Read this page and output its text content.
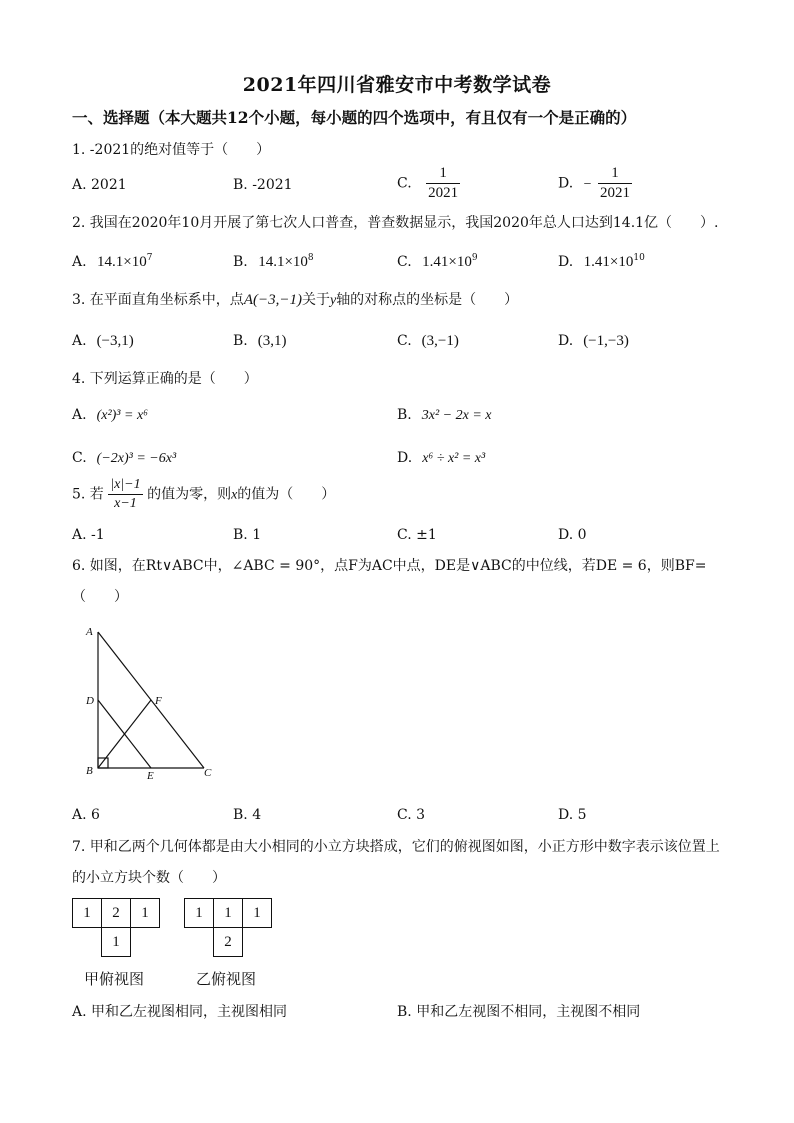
2021年四川省雅安市中考数学试卷
一、选择题（本大题共12个小题，每小题的四个选项中，有且仅有一个是正确的）
1. -2021的绝对值等于（　　）
A. 2021	B. -2021	C. $\frac{1}{2021}$	D. − $\frac{1}{2021}$
2. 我国在2020年10月开展了第七次人口普查，普查数据显示，我国2020年总人口达到14.1亿（　　）.
A. $14.1\times 10^7$	B. $14.1\times 10^8$	C. $1.41\times 10^9$	D. $1.41\times 10^{10}$
3. 在平面直角坐标系中，点A(−3,−1)关于y轴的对称点的坐标是（　　）
A. (−3,1)	B. (3,1)	C. (3,−1)	D. (−1,−3)
4. 下列运算正确的是（　　）
A. (x²)³ = x⁶	B. 3x² − 2x = x
C. (−2x)³ = −6x³	D. x⁶ ÷ x² = x³
5. 若 $\frac{|x|-1}{x-1}$ 的值为零，则x的值为（　　）
A. -1	B. 1	C. ±1	D. 0
6. 如图，在Rt∨ABC中，∠ABC = 90°，点F为AC中点，DE是∨ABC的中位线，若DE = 6，则BF=
（　　）
A
D	F
B	E	C
A. 6	B. 4	C. 3	D. 5
7. 甲和乙两个几何体都是由大小相同的小立方块搭成，它们的俯视图如图，小正方形中数字表示该位置上
的小立方块个数（　　）
1	2	1
	1	
甲俯视图
1	1	1
	2	
乙俯视图
A. 甲和乙左视图相同，主视图相同	B. 甲和乙左视图不相同，主视图不相同
